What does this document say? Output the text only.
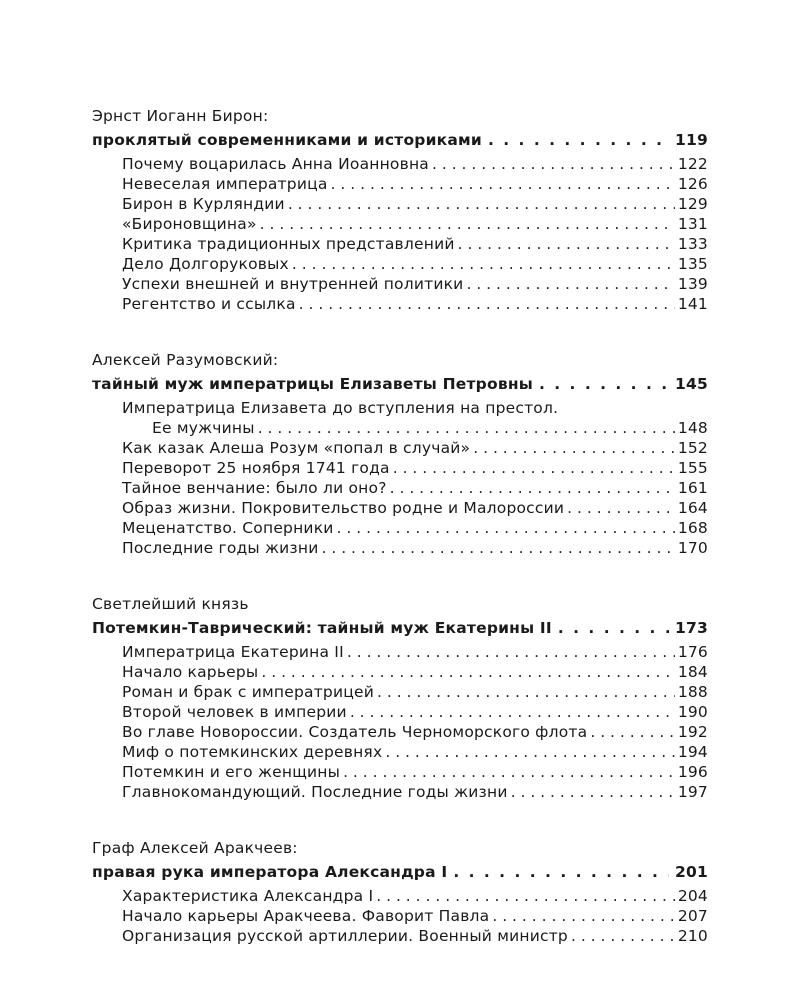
Эрнст Иоганн Бирон:
проклятый современниками и историками . . .	119
Почему воцарилась Анна Иоанновна . . .	122
Невеселая императрица . . .	126
Бирон в Курляндии . . .	129
«Бироновщина» . . .	131
Критика традиционных представлений . . .	133
Дело Долгоруковых . . .	135
Успехи внешней и внутренней политики . . .	139
Регентство и ссылка . . .	141
Алексей Разумовский:
тайный муж императрицы Елизаветы Петровны . . .	145
Императрица Елизавета до вступления на престол.
Ее мужчины . . .	148
Как казак Алеша Розум «попал в случай» . . .	152
Переворот 25 ноября 1741 года . . .	155
Тайное венчание: было ли оно? . . .	161
Образ жизни. Покровительство родне и Малороссии . . .	164
Меценатство. Соперники . . .	168
Последние годы жизни . . .	170
Светлейший князь
Потемкин-Таврический: тайный муж Екатерины II . . .	173
Императрица Екатерина II . . .	176
Начало карьеры . . .	184
Роман и брак с императрицей . . .	188
Второй человек в империи . . .	190
Во главе Новороссии. Создатель Черноморского флота . . .	192
Миф о потемкинских деревнях . . .	194
Потемкин и его женщины . . .	196
Главнокомандующий. Последние годы жизни . . .	197
Граф Алексей Аракчеев:
правая рука императора Александра I . . .	201
Характеристика Александра I . . .	204
Начало карьеры Аракчеева. Фаворит Павла . . .	207
Организация русской артиллерии. Военный министр . . .	210
